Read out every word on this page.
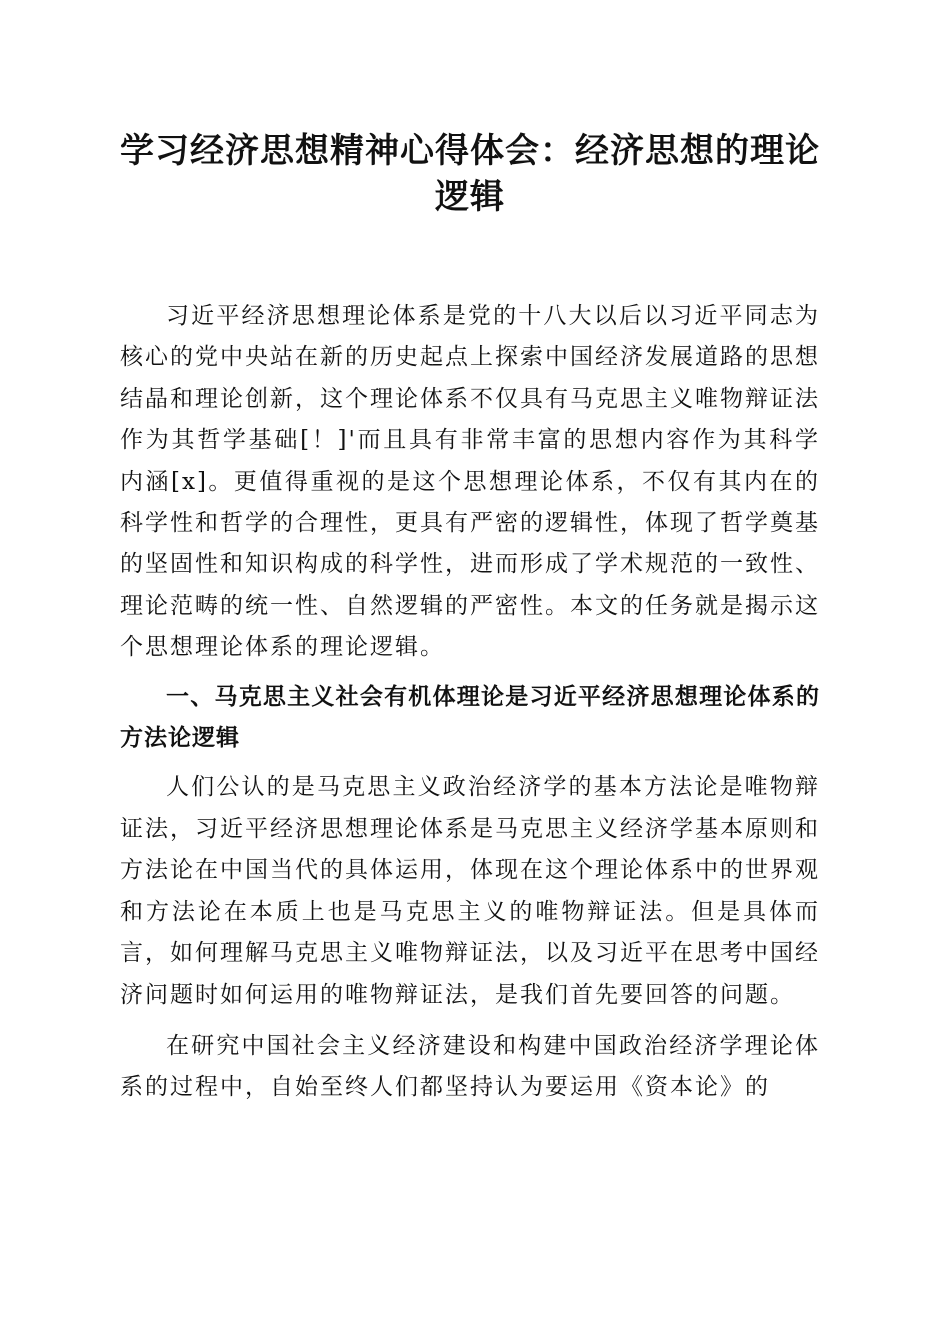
学习经济思想精神心得体会：经济思想的理论逻辑

习近平经济思想理论体系是党的十八大以后以习近平同志为核心的党中央站在新的历史起点上探索中国经济发展道路的思想结晶和理论创新，这个理论体系不仅具有马克思主义唯物辩证法作为其哲学基础[！]'而且具有非常丰富的思想内容作为其科学内涵[x]。更值得重视的是这个思想理论体系，不仅有其内在的科学性和哲学的合理性，更具有严密的逻辑性，体现了哲学奠基的坚固性和知识构成的科学性，进而形成了学术规范的一致性、理论范畴的统一性、自然逻辑的严密性。本文的任务就是揭示这个思想理论体系的理论逻辑。

一、马克思主义社会有机体理论是习近平经济思想理论体系的方法论逻辑

人们公认的是马克思主义政治经济学的基本方法论是唯物辩证法，习近平经济思想理论体系是马克思主义经济学基本原则和方法论在中国当代的具体运用，体现在这个理论体系中的世界观和方法论在本质上也是马克思主义的唯物辩证法。但是具体而言，如何理解马克思主义唯物辩证法，以及习近平在思考中国经济问题时如何运用的唯物辩证法，是我们首先要回答的问题。

在研究中国社会主义经济建设和构建中国政治经济学理论体系的过程中，自始至终人们都坚持认为要运用《资本论》的
